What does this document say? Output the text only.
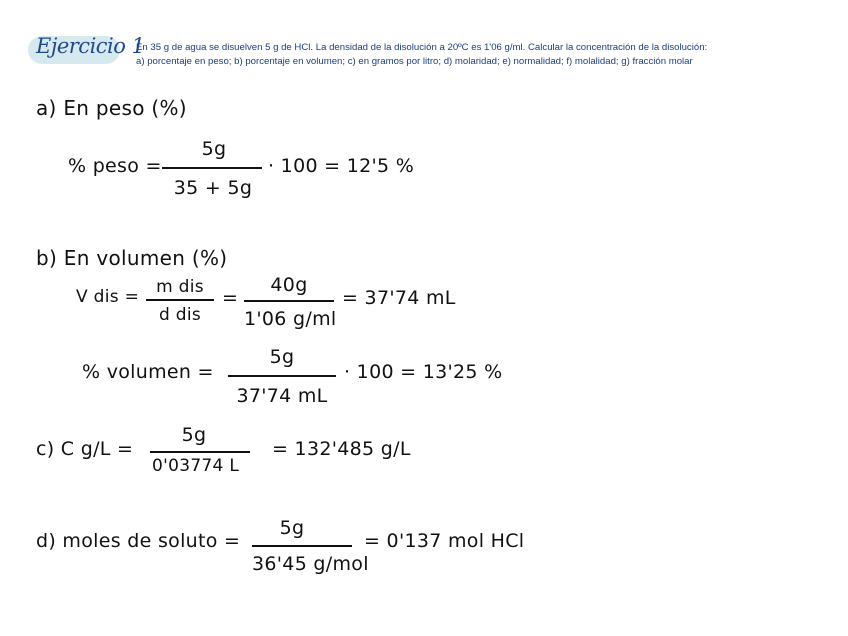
Ejercicio 1
En 35 g de agua se disuelven 5 g de HCl. La densidad de la disolución a 20ºC es 1'06 g/ml. Calcular la concentración de la disolución:
a) porcentaje en peso; b) porcentaje en volumen; c) en gramos por litro; d) molaridad; e) normalidad; f) molalidad; g) fracción molar
a) En peso (%)
% peso =
5g
35 + 5g
· 100 = 12'5 %
b) En volumen (%)
V dis = m dis
d dis
=
40g
1'06 g/ml
= 37'74 mL
% volumen =
5g
37'74 mL
· 100 = 13'25 %
c) C g/L =
5g
0'03774 L
= 132'485 g/L
d) moles de soluto =
5g
36'45 g/mol
= 0'137 mol HCl
